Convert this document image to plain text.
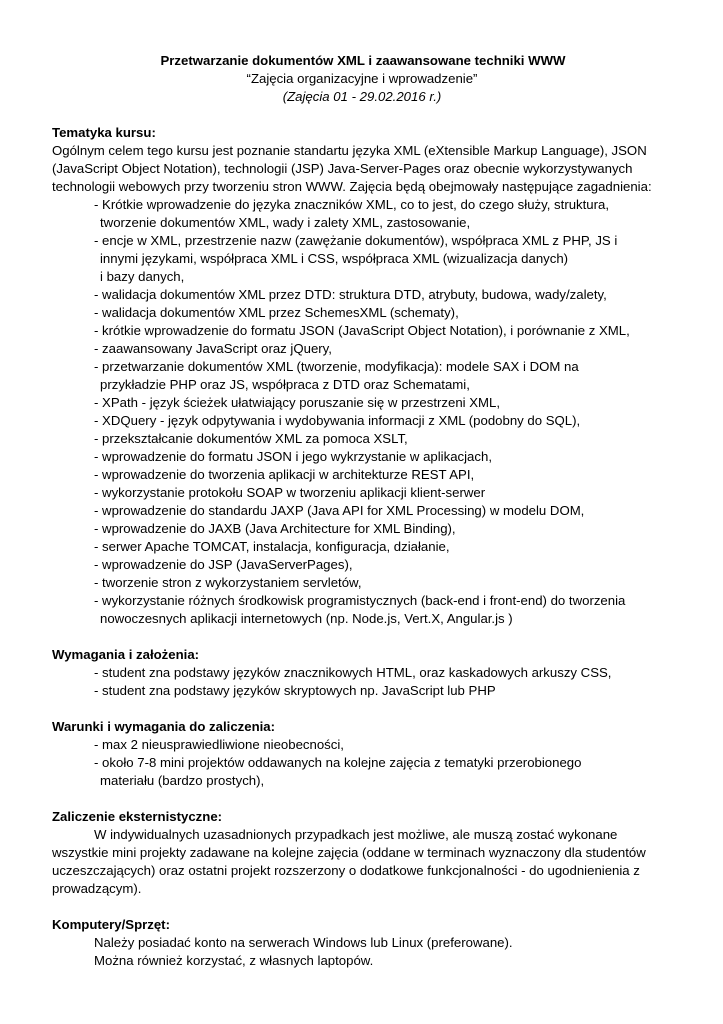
Przetwarzanie dokumentów XML i zaawansowane techniki WWW
“Zajęcia organizacyjne i wprowadzenie”
(Zajęcia 01 - 29.02.2016 r.)
Tematyka kursu:
Ogólnym celem tego kursu jest poznanie standartu języka XML (eXtensible Markup Language), JSON
(JavaScript Object Notation), technologii (JSP) Java-Server-Pages oraz obecnie wykorzystywanych
technologii webowych przy tworzeniu stron WWW. Zajęcia będą obejmowały następujące zagadnienia:
- Krótkie wprowadzenie do języka znaczników XML, co to jest, do czego służy, struktura,
tworzenie dokumentów XML, wady i zalety XML, zastosowanie,
- encje w XML, przestrzenie nazw (zawężanie dokumentów), współpraca XML z PHP, JS i
innymi językami, współpraca XML i CSS, współpraca XML (wizualizacja danych)
i bazy danych,
- walidacja dokumentów XML przez DTD: struktura DTD, atrybuty, budowa, wady/zalety,
- walidacja dokumentów XML przez SchemesXML (schematy),
- krótkie wprowadzenie do formatu JSON (JavaScript Object Notation), i porównanie z XML,
- zaawansowany JavaScript oraz jQuery,
- przetwarzanie dokumentów XML (tworzenie, modyfikacja): modele SAX i DOM na
przykładzie PHP oraz JS, współpraca z DTD oraz Schematami,
- XPath - język ścieżek ułatwiający poruszanie się w przestrzeni XML,
- XDQuery - język odpytywania i wydobywania informacji z XML (podobny do SQL),
- przekształcanie dokumentów XML za pomoca XSLT,
- wprowadzenie do formatu JSON i jego wykrzystanie w aplikacjach,
- wprowadzenie do tworzenia aplikacji w architekturze REST API,
- wykorzystanie protokołu SOAP w tworzeniu aplikacji klient-serwer
- wprowadzenie do standardu JAXP (Java API for XML Processing) w modelu DOM,
- wprowadzenie do JAXB (Java Architecture for XML Binding),
- serwer Apache TOMCAT, instalacja, konfiguracja, działanie,
- wprowadzenie do JSP (JavaServerPages),
- tworzenie stron z wykorzystaniem servletów,
- wykorzystanie różnych środkowisk programistycznych (back-end i front-end) do tworzenia
nowoczesnych aplikacji internetowych (np. Node.js, Vert.X, Angular.js )
Wymagania i założenia:
- student zna podstawy języków znacznikowych HTML, oraz kaskadowych arkuszy CSS,
- student zna podstawy języków skryptowych np. JavaScript lub PHP
Warunki i wymagania do zaliczenia:
- max 2 nieusprawiedliwione nieobecności,
- około 7-8 mini projektów oddawanych na kolejne zajęcia z tematyki przerobionego
materiału (bardzo prostych),
Zaliczenie eksternistyczne:
W indywidualnych uzasadnionych przypadkach jest możliwe, ale muszą zostać wykonane
wszystkie mini projekty zadawane na kolejne zajęcia (oddane w terminach wyznaczony dla studentów
uczeszczających) oraz ostatni projekt rozszerzony o dodatkowe funkcjonalności - do ugodnienienia z
prowadzącym).
Komputery/Sprzęt:
Należy posiadać konto na serwerach Windows lub Linux (preferowane).
Można również korzystać, z własnych laptopów.
